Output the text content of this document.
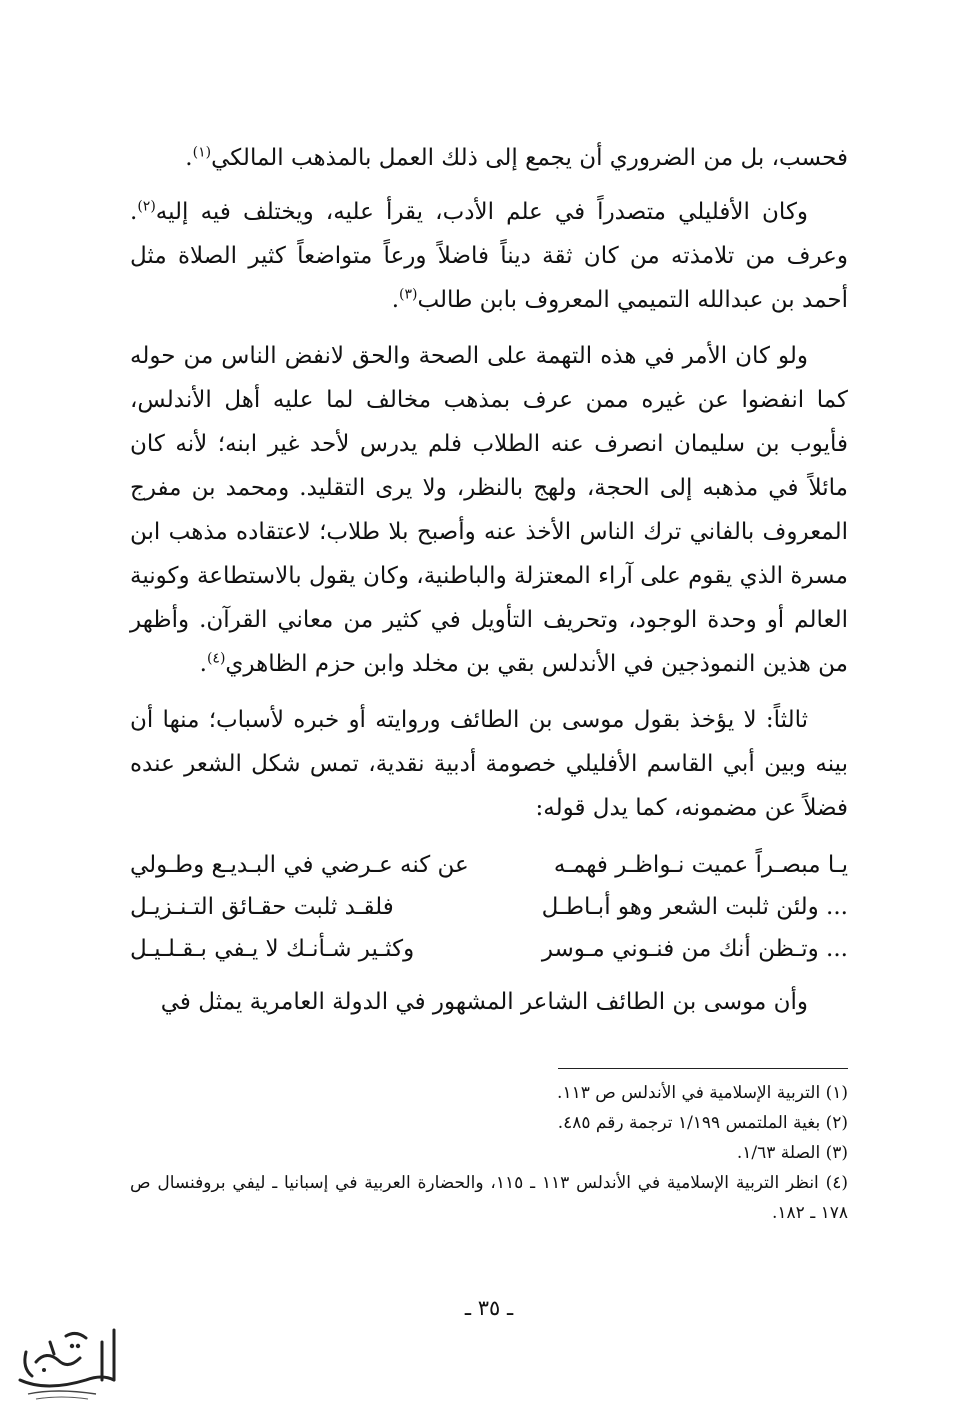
فحسب، بل من الضروري أن يجمع إلى ذلك العمل بالمذهب المالكي$^{(١)}$.

وكان الأفليلي متصدراً في علم الأدب، يقرأ عليه، ويختلف فيه إليه$^{(٢)}$. وعرف من تلامذته من كان ثقة ديناً فاضلاً ورعاً متواضعاً كثير الصلاة مثل أحمد بن عبدالله التميمي المعروف بابن طالب$^{(٣)}$.

ولو كان الأمر في هذه التهمة على الصحة والحق لانفض الناس من حوله كما انفضوا عن غيره ممن عرف بمذهب مخالف لما عليه أهل الأندلس، فأيوب بن سليمان انصرف عنه الطلاب فلم يدرس لأحد غير ابنه؛ لأنه كان مائلاً في مذهبه إلى الحجة، ولهج بالنظر، ولا يرى التقليد. ومحمد بن مفرج المعروف بالفاني ترك الناس الأخذ عنه وأصبح بلا طلاب؛ لاعتقاده مذهب ابن مسرة الذي يقوم على آراء المعتزلة والباطنية، وكان يقول بالاستطاعة وكونية العالم أو وحدة الوجود، وتحريف التأويل في كثير من معاني القرآن. وأظهر من هذين النموذجين في الأندلس بقي بن مخلد وابن حزم الظاهري$^{(٤)}$.

ثالثاً: لا يؤخذ بقول موسى بن الطائف وروايته أو خبره لأسباب؛ منها أن بينه وبين أبي القاسم الأفليلي خصومة أدبية نقدية، تمس شكل الشعر عنده فضلاً عن مضمونه، كما يدل قوله:

يـا مبصـراً عميت نـواظـر فهمـه
عن كنه عـرضي في البـديـع وطـولي
... ولئن ثلبت الشعر وهو أبـاطـل
فلقـد ثلبت حقـائق التـنـزيـل
... وتـظن أنك من فنـوني مـوسر
وكثـير شـأنـك لا يـفي بـقـلـيـل

وأن موسى بن الطائف الشاعر المشهور في الدولة العامرية يمثل في

(١) التربية الإسلامية في الأندلس ص ١١٣.

(٢) بغية الملتمس ١/١٩٩ ترجمة رقم ٤٨٥.

(٣) الصلة ١/٦٣.

(٤) انظر التربية الإسلامية في الأندلس ١١٣ ـ ١١٥، والحضارة العربية في إسبانيا ـ ليفي بروفنسال ص ١٧٨ ـ ١٨٢.

ـ ٣٥ ـ
